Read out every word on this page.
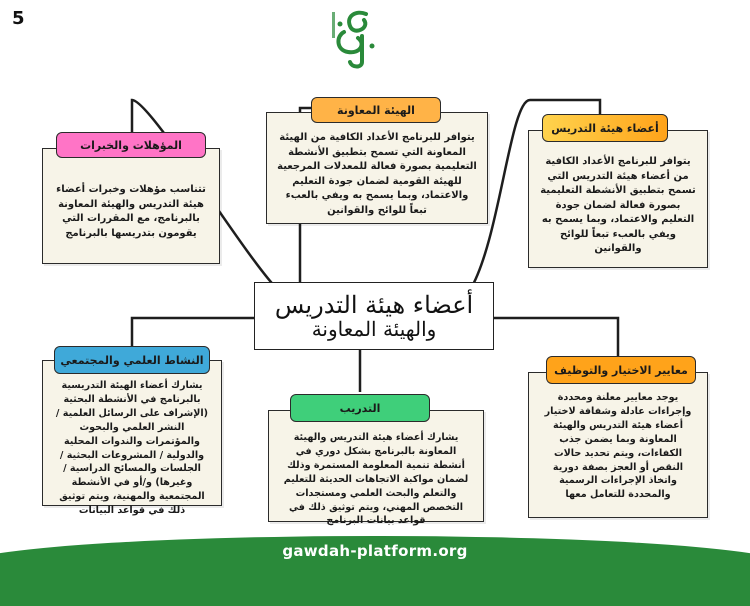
5
يتوافر للبرنامج الأعداد الكافية من الهيئة المعاونة التي تسمح بتطبيق الأنشطة التعليمية بصورة فعالة للمعدلات المرجعية للهيئة القومية لضمان جودة التعليم والاعتماد، وبما يسمح به ويفي بالعبء تبعاً للوائح والقوانين
الهيئة المعاونة
يتوافر للبرنامج الأعداد الكافية من أعضاء هيئة التدريس التي تسمح بتطبيق الأنشطة التعليمية بصورة فعالة لضمان جودة التعليم والاعتماد، وبما يسمح به ويفي بالعبء تبعاً للوائح والقوانين
أعضاء هيئة التدريس
تتناسب مؤهلات وخبرات أعضاء هيئة التدريس والهيئة المعاونة بالبرنامج، مع المقررات التي يقومون بتدريسها بالبرنامج
المؤهلات والخبرات
أعضاء هيئة التدريس
والهيئة المعاونة
يشارك أعضاء الهيئة التدريسية بالبرنامج في الأنشطة البحثية (الإشراف على الرسائل العلمية / النشر العلمي والبحوث والمؤتمرات والندوات المحلية والدولية / المشروعات البحثية / الجلسات والمسائح الدراسية / وغيرها) و/أو في الأنشطة المجتمعية والمهنية، ويتم توثيق ذلك في قواعد البيانات
النشاط العلمي والمجتمعي
يشارك أعضاء هيئة التدريس والهيئة المعاونة بالبرنامج بشكل دوري في أنشطة تنمية المعلومة المستمرة وذلك لضمان مواكبة الاتجاهات الحديثة للتعليم والتعلم والبحث العلمي ومستجدات التخصص المهني، ويتم توثيق ذلك في قواعد بيانات البرنامج
التدريب
يوجد معايير معلنة ومحددة وإجراءات عادلة وشفافة لاختيار أعضاء هيئة التدريس والهيئة المعاونة وبما يضمن جذب الكفاءات، ويتم تحديد حالات النقص أو العجز بصفة دورية واتخاذ الإجراءات الرسمية والمحددة للتعامل معها
معايير الاختيار والتوظيف
gawdah-platform.org
